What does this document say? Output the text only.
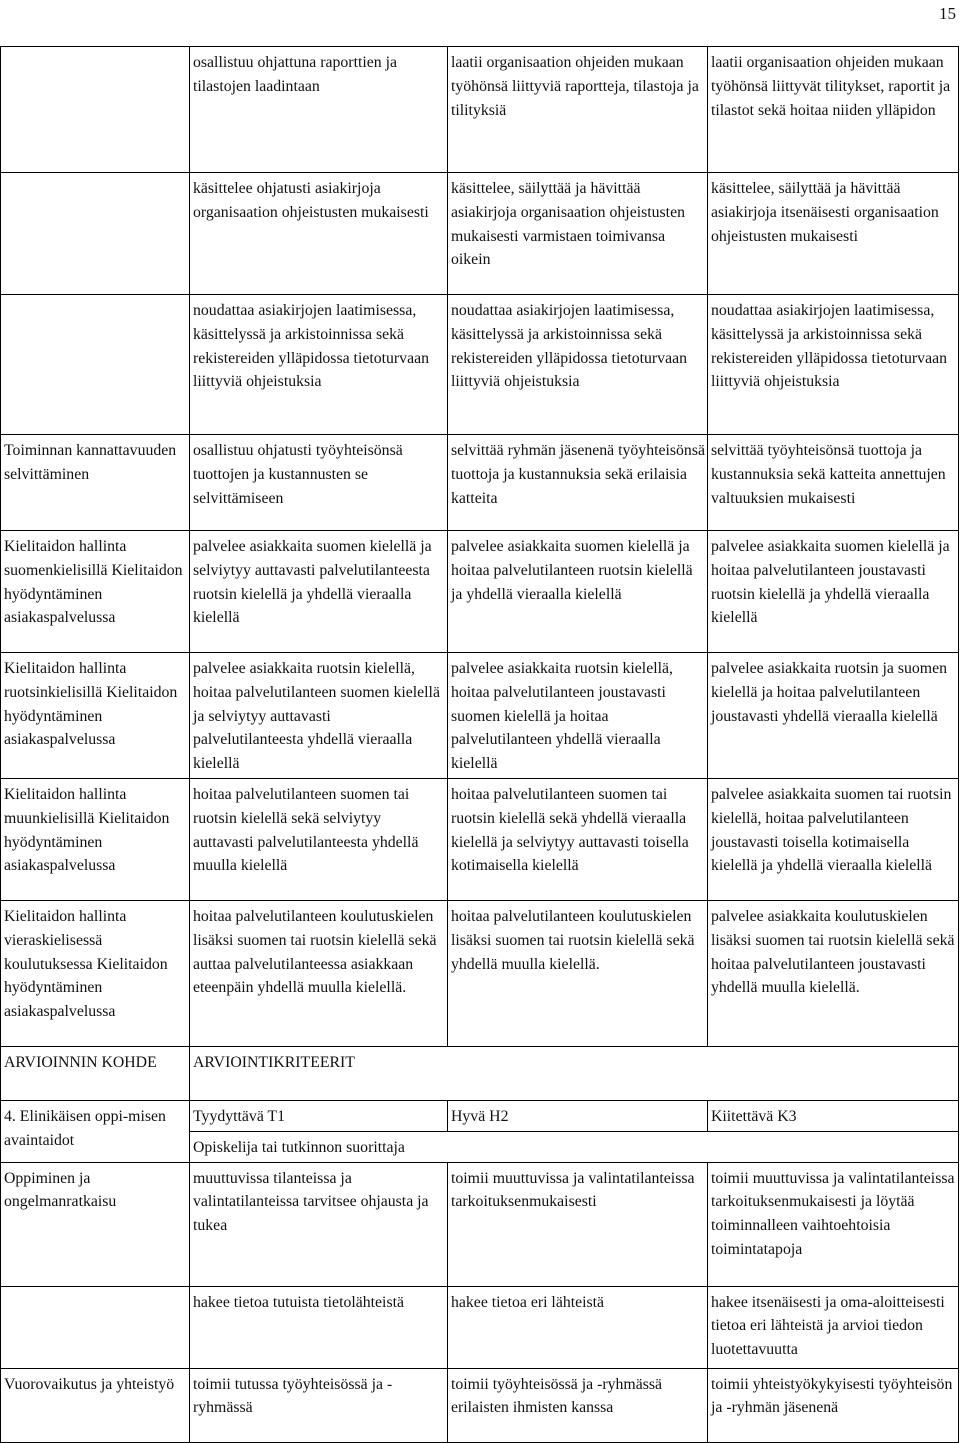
15
	osallistuu ohjattuna raporttien ja tilastojen laadintaan	laatii organisaation ohjeiden mukaan työhönsä liittyviä raportteja, tilastoja ja tilityksiä	laatii organisaation ohjeiden mukaan työhönsä liittyvät tilitykset, raportit ja tilastot sekä hoitaa niiden ylläpidon
	käsittelee ohjatusti asiakirjoja organisaation ohjeistusten mukaisesti	käsittelee, säilyttää ja hävittää asiakirjoja organisaation ohjeistusten mukaisesti varmistaen toimivansa oikein	käsittelee, säilyttää ja hävittää asiakirjoja itsenäisesti organisaation ohjeistusten mukaisesti
	noudattaa asiakirjojen laatimisessa, käsittelyssä ja arkistoinnissa sekä rekistereiden ylläpidossa tietoturvaan liittyviä ohjeistuksia	noudattaa asiakirjojen laatimisessa, käsittelyssä ja arkistoinnissa sekä rekistereiden ylläpidossa tietoturvaan liittyviä ohjeistuksia	noudattaa asiakirjojen laatimisessa, käsittelyssä ja arkistoinnissa sekä rekistereiden ylläpidossa tietoturvaan liittyviä ohjeistuksia
Toiminnan kannattavuuden selvittäminen	osallistuu ohjatusti työyhteisönsä tuottojen ja kustannusten se selvittämiseen	selvittää ryhmän jäsenenä työyhteisönsä tuottoja ja kustannuksia sekä erilaisia katteita	selvittää työyhteisönsä tuottoja ja kustannuksia sekä katteita annettujen valtuuksien mukaisesti
Kielitaidon hallinta suomenkielisillä Kielitaidon hyödyntäminen asiakaspalvelussa	palvelee asiakkaita suomen kielellä ja selviytyy auttavasti palvelutilanteesta ruotsin kielellä ja yhdellä vieraalla kielellä	palvelee asiakkaita suomen kielellä ja hoitaa palvelutilanteen ruotsin kielellä ja yhdellä vieraalla kielellä	palvelee asiakkaita suomen kielellä ja hoitaa palvelutilanteen joustavasti ruotsin kielellä ja yhdellä vieraalla kielellä
Kielitaidon hallinta ruotsinkielisillä Kielitaidon hyödyntäminen asiakaspalvelussa	palvelee asiakkaita ruotsin kielellä, hoitaa palvelutilanteen suomen kielellä ja selviytyy auttavasti palvelutilanteesta yhdellä vieraalla kielellä	palvelee asiakkaita ruotsin kielellä, hoitaa palvelutilanteen joustavasti suomen kielellä ja hoitaa palvelutilanteen yhdellä vieraalla kielellä	palvelee asiakkaita ruotsin ja suomen kielellä ja hoitaa palvelutilanteen joustavasti yhdellä vieraalla kielellä
Kielitaidon hallinta muunkielisillä Kielitaidon hyödyntäminen asiakaspalvelussa	hoitaa palvelutilanteen suomen tai ruotsin kielellä sekä selviytyy auttavasti palvelutilanteesta yhdellä muulla kielellä	hoitaa palvelutilanteen suomen tai ruotsin kielellä sekä yhdellä vieraalla kielellä ja selviytyy auttavasti toisella kotimaisella kielellä	palvelee asiakkaita suomen tai ruotsin kielellä, hoitaa palvelutilanteen joustavasti toisella kotimaisella kielellä ja yhdellä vieraalla kielellä
Kielitaidon hallinta vieraskielisessä koulutuksessa Kielitaidon hyödyntäminen asiakaspalvelussa	hoitaa palvelutilanteen koulutuskielen lisäksi suomen tai ruotsin kielellä sekä auttaa palvelutilanteessa asiakkaan eteenpäin yhdellä muulla kielellä.	hoitaa palvelutilanteen koulutuskielen lisäksi suomen tai ruotsin kielellä sekä yhdellä muulla kielellä.	palvelee asiakkaita koulutuskielen lisäksi suomen tai ruotsin kielellä sekä hoitaa palvelutilanteen joustavasti yhdellä muulla kielellä.
ARVIOINNIN KOHDE	ARVIOINTIKRITEERIT		
4. Elinikäisen oppi-misen avaintaidot	Tyydyttävä T1	Hyvä H2	Kiitettävä K3
	Opiskelija tai tutkinnon suorittaja		
Oppiminen ja ongelmanratkaisu	muuttuvissa tilanteissa ja valintatilanteissa tarvitsee ohjausta ja tukea	toimii muuttuvissa ja valintatilanteissa tarkoituksenmukaisesti	toimii muuttuvissa ja valintatilanteissa tarkoituksenmukaisesti ja löytää toiminnalleen vaihtoehtoisia toimintatapoja
	hakee tietoa tutuista tietolähteistä	hakee tietoa eri lähteistä	hakee itsenäisesti ja oma-aloitteisesti tietoa eri lähteistä ja arvioi tiedon luotettavuutta
Vuorovaikutus ja yhteistyö	toimii tutussa työyhteisössä ja -ryhmässä	toimii työyhteisössä ja -ryhmässä erilaisten ihmisten kanssa	toimii yhteistyökykyisesti työyhteisön ja -ryhmän jäsenenä
